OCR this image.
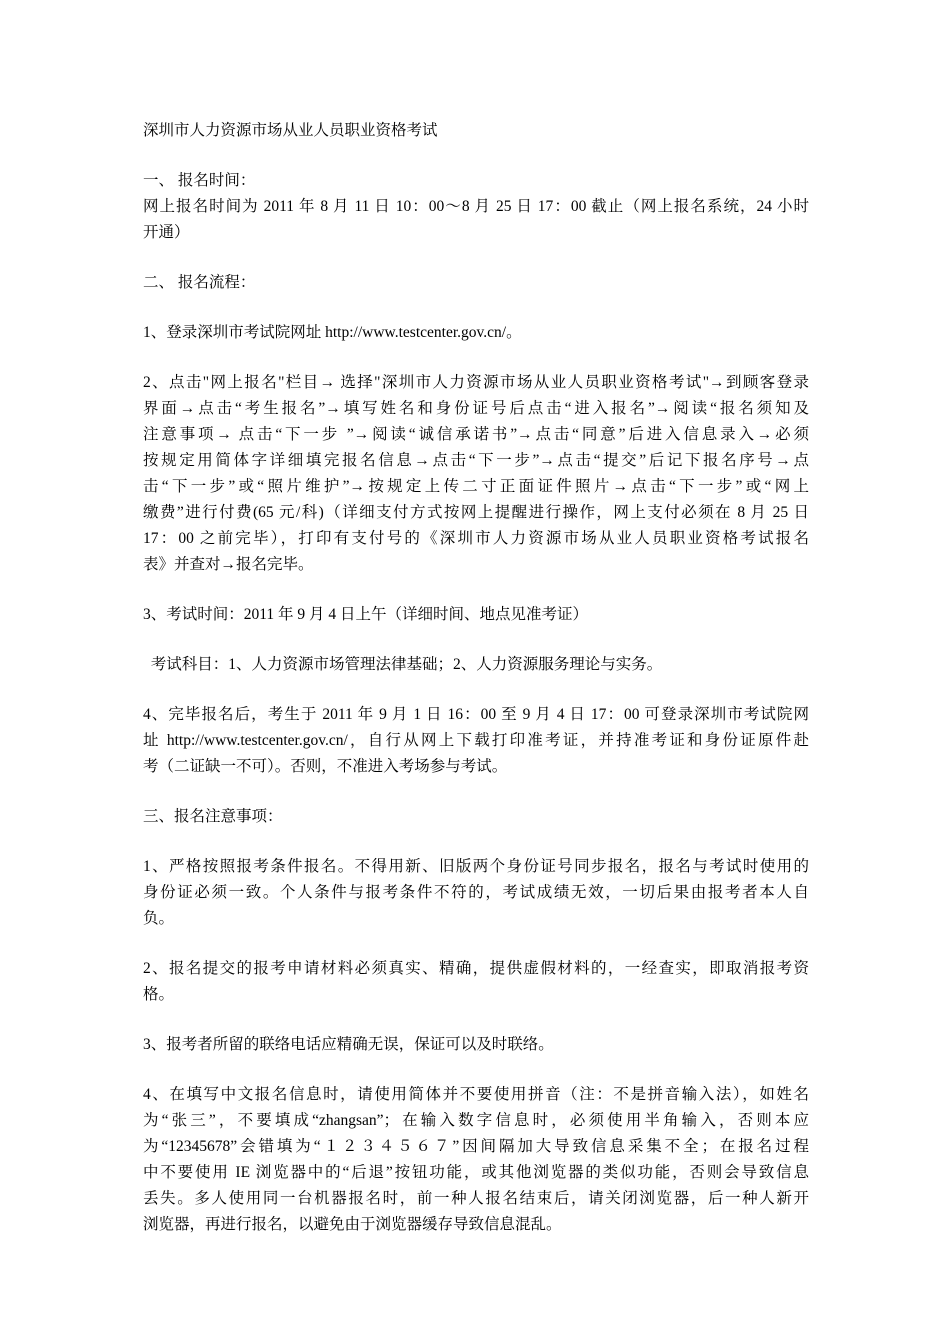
深圳市人力资源市场从业人员职业资格考试

一、 报名时间：

网上报名时间为 2011 年 8 月 11 日 10：00～8 月 25 日 17：00 截止（网上报名系统，24 小时

开通）

二、 报名流程：

1、登录深圳市考试院网址 http://www.testcenter.gov.cn/。

2、点击"网上报名"栏目→ 选择"深圳市人力资源市场从业人员职业资格考试"→到顾客登录

界面→点击“考生报名”→填写姓名和身份证号后点击“进入报名”→阅读“报名须知及

注意事项→ 点击“下一步 ”→阅读“诚信承诺书”→点击“同意”后进入信息录入→必须

按规定用简体字详细填完报名信息→点击“下一步”→点击“提交”后记下报名序号→点

击“下一步”或“照片维护”→按规定上传二寸正面证件照片→点击“下一步”或“网上

缴费”进行付费(65 元/科)（详细支付方式按网上提醒进行操作，网上支付必须在 8 月 25 日

17：00 之前完毕），打印有支付号的《深圳市人力资源市场从业人员职业资格考试报名

表》并查对→报名完毕。

3、考试时间：2011 年 9 月 4 日上午（详细时间、地点见准考证）

考试科目：1、人力资源市场管理法律基础；2、人力资源服务理论与实务。

4、完毕报名后，考生于 2011 年 9 月 1 日 16：00 至 9 月 4 日 17：00 可登录深圳市考试院网

址 http://www.testcenter.gov.cn/，自行从网上下载打印准考证，并持准考证和身份证原件赴

考（二证缺一不可）。否则，不准进入考场参与考试。

三、报名注意事项：

1、严格按照报考条件报名。不得用新、旧版两个身份证号同步报名，报名与考试时使用的

身份证必须一致。个人条件与报考条件不符的，考试成绩无效，一切后果由报考者本人自

负。

2、报名提交的报考申请材料必须真实、精确，提供虚假材料的，一经查实，即取消报考资

格。

3、报考者所留的联络电话应精确无误，保证可以及时联络。

4、在填写中文报名信息时，请使用简体并不要使用拼音（注：不是拼音输入法），如姓名

为“张三”，不要填成“zhangsan”；在输入数字信息时，必须使用半角输入，否则本应

为“12345678”会错填为“１２３４５６７”因间隔加大导致信息采集不全；在报名过程

中不要使用 IE 浏览器中的“后退”按钮功能，或其他浏览器的类似功能，否则会导致信息

丢失。多人使用同一台机器报名时，前一种人报名结束后，请关闭浏览器，后一种人新开

浏览器，再进行报名，以避免由于浏览器缓存导致信息混乱。
